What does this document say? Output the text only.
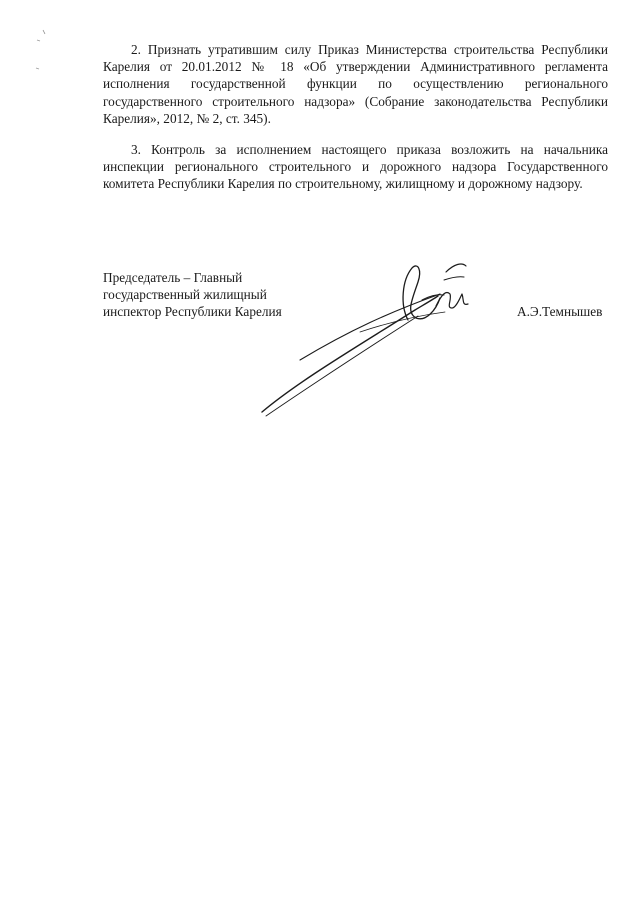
2. Признать утратившим силу Приказ Министерства строительства Республики Карелия от 20.01.2012 № 18 «Об утверждении Административного регламента исполнения государственной функции по осуществлению регионального государственного строительного надзора» (Собрание законодательства Республики Карелия», 2012, № 2, ст. 345).

3. Контроль за исполнением настоящего приказа возложить на начальника инспекции регионального строительного и дорожного надзора Государственного комитета Республики Карелия по строительному, жилищному и дорожному надзору.

Председатель – Главный
государственный жилищный
инспектор Республики Карелия	А.Э.Темнышев
